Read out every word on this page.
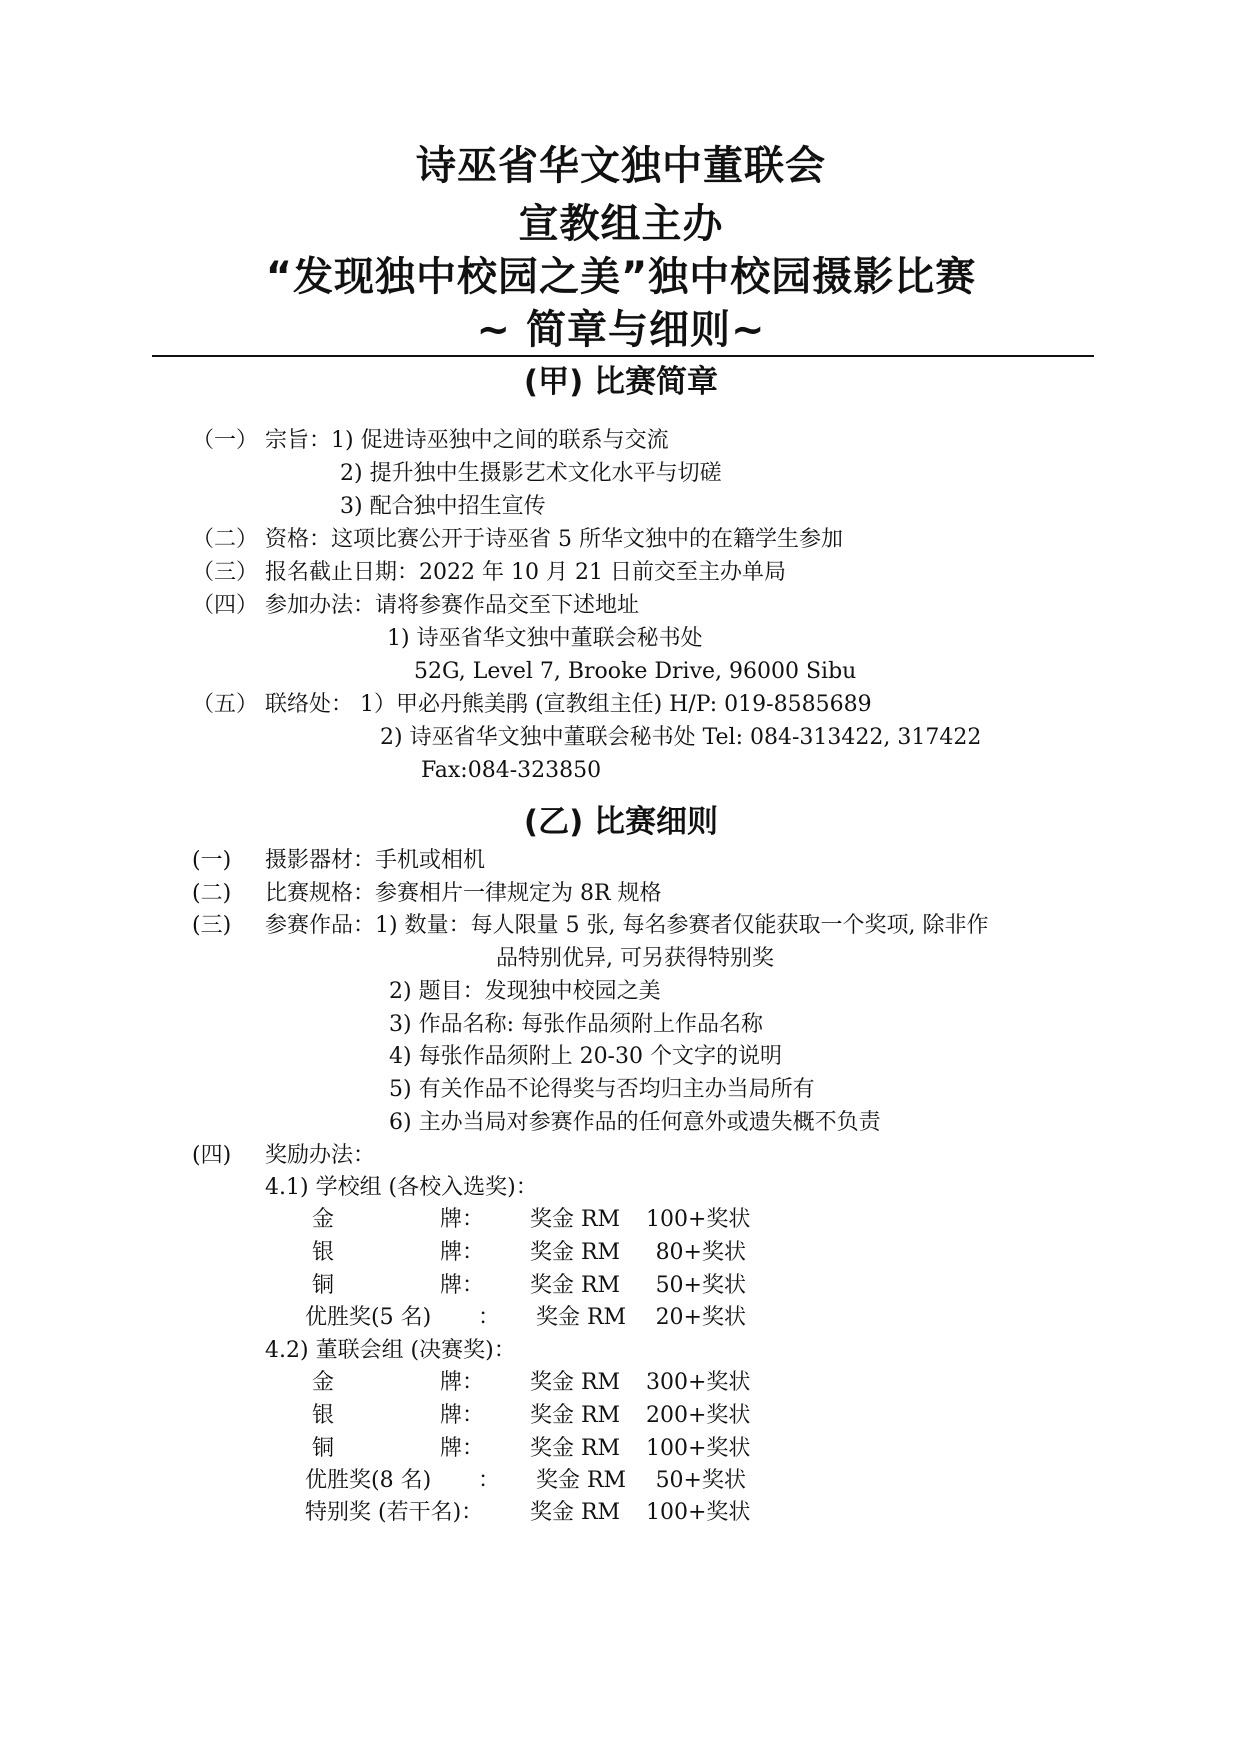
诗巫省华文独中董联会
宣教组主办
“发现独中校园之美”独中校园摄影比赛
~ 简章与细则~
(甲) 比赛简章
（一） 宗旨：1) 促进诗巫独中之间的联系与交流
2) 提升独中生摄影艺术文化水平与切磋
3) 配合独中招生宣传
（二） 资格：这项比赛公开于诗巫省 5 所华文独中的在籍学生参加
（三） 报名截止日期：2022 年 10 月 21 日前交至主办单局
（四） 参加办法：请将参赛作品交至下述地址
1) 诗巫省华文独中董联会秘书处
52G, Level 7, Brooke Drive, 96000 Sibu
（五） 联络处： 1）甲必丹熊美鹃 (宣教组主任) H/P: 019-8585689
2) 诗巫省华文独中董联会秘书处 Tel: 084-313422, 317422
Fax:084-323850
(乙) 比赛细则
(一) 摄影器材：手机或相机
(二) 比赛规格：参赛相片一律规定为 8R 规格
(三) 参赛作品：1) 数量：每人限量 5 张, 每名参赛者仅能获取一个奖项, 除非作
品特别优异, 可另获得特别奖
2) 题目：发现独中校园之美
3) 作品名称: 每张作品须附上作品名称
4) 每张作品须附上 20-30 个文字的说明
5) 有关作品不论得奖与否均归主办当局所有
6) 主办当局对参赛作品的任何意外或遗失概不负责
(四) 奖励办法：
4.1) 学校组 (各校入选奖)：
金	牌： 奖金 RM 100+奖状
银	牌： 奖金 RM	80+奖状
铜	牌： 奖金 RM	50+奖状
优胜奖(5 名) ： 奖金 RM	20+奖状
4.2) 董联会组 (决赛奖)：
金	牌： 奖金 RM 300+奖状
银	牌： 奖金 RM 200+奖状
铜	牌： 奖金 RM 100+奖状
优胜奖(8 名) ： 奖金 RM	50+奖状
特别奖 (若干名)： 奖金 RM 100+奖状
